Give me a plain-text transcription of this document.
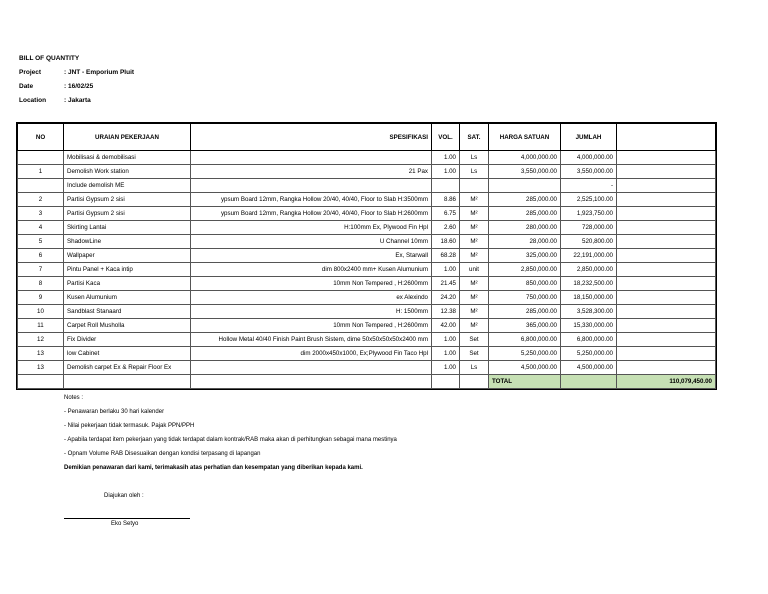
BILL OF QUANTITY
Project	: JNT - Emporium Pluit
Date	: 16/02/25
Location	: Jakarta
NO	URAIAN PEKERJAAN	SPESIFIKASI	VOL.	SAT.	HARGA SATUAN	JUMLAH	
	Mobilisasi & demobilisasi		1.00	Ls	4,000,000.00	4,000,000.00	
1	Demolish Work station	21 Pax	1.00	Ls	3,550,000.00	3,550,000.00	
	Include demolish ME					-	
2	Partisi Gypsum 2 sisi	ypsum Board 12mm, Rangka Hollow 20/40, 40/40, Floor to Slab H:3500mm	8.86	M²	285,000.00	2,525,100.00	
3	Partisi Gypsum 2 sisi	ypsum Board 12mm, Rangka Hollow 20/40, 40/40, Floor to Slab H:2600mm	6.75	M²	285,000.00	1,923,750.00	
4	Skirting Lantai	H:100mm Ex, Plywood Fin Hpl	2.60	M²	280,000.00	728,000.00	
5	ShadowLine	U Channel 10mm	18.60	M²	28,000.00	520,800.00	
6	Wallpaper	Ex, Starwall	68.28	M²	325,000.00	22,191,000.00	
7	Pintu Panel + Kaca intip	dim 800x2400 mm+ Kusen Alumunium	1.00	unit	2,850,000.00	2,850,000.00	
8	Partisi Kaca	10mm Non Tempered , H:2600mm	21.45	M²	850,000.00	18,232,500.00	
9	Kusen Alumunium	ex Alexindo	24.20	M²	750,000.00	18,150,000.00	
10	Sandblast Stanaard	H: 1500mm	12.38	M²	285,000.00	3,528,300.00	
11	Carpet Roll Musholla	10mm Non Tempered , H:2600mm	42.00	M²	365,000.00	15,330,000.00	
12	Fix Divider	Hollow Metal 40/40 Finish Paint Brush Sistem, dime 50x50x50x50x2400 mm	1.00	Set	6,800,000.00	6,800,000.00	
13	low Cabinet	dim 2000x450x1000, Ex;Plywood Fin Taco Hpl	1.00	Set	5,250,000.00	5,250,000.00	
13	Demolish carpet Ex & Repair Floor Ex		1.00	Ls	4,500,000.00	4,500,000.00	
					TOTAL		110,079,450.00
Notes :
- Penawaran berlaku 30 hari kalender
- Nilai pekerjaan tidak termasuk. Pajak PPN/PPH
- Apabila terdapat item pekerjaan yang tidak terdapat dalam kontrak/RAB maka akan di perhitungkan sebagai mana mestinya
- Opnam Volume RAB Disesuaikan dengan kondisi terpasang di lapangan
Demikian penawaran dari kami, terimakasih atas perhatian dan kesempatan yang diberikan kepada kami.
Diajukan oleh :
Eko Setyo
